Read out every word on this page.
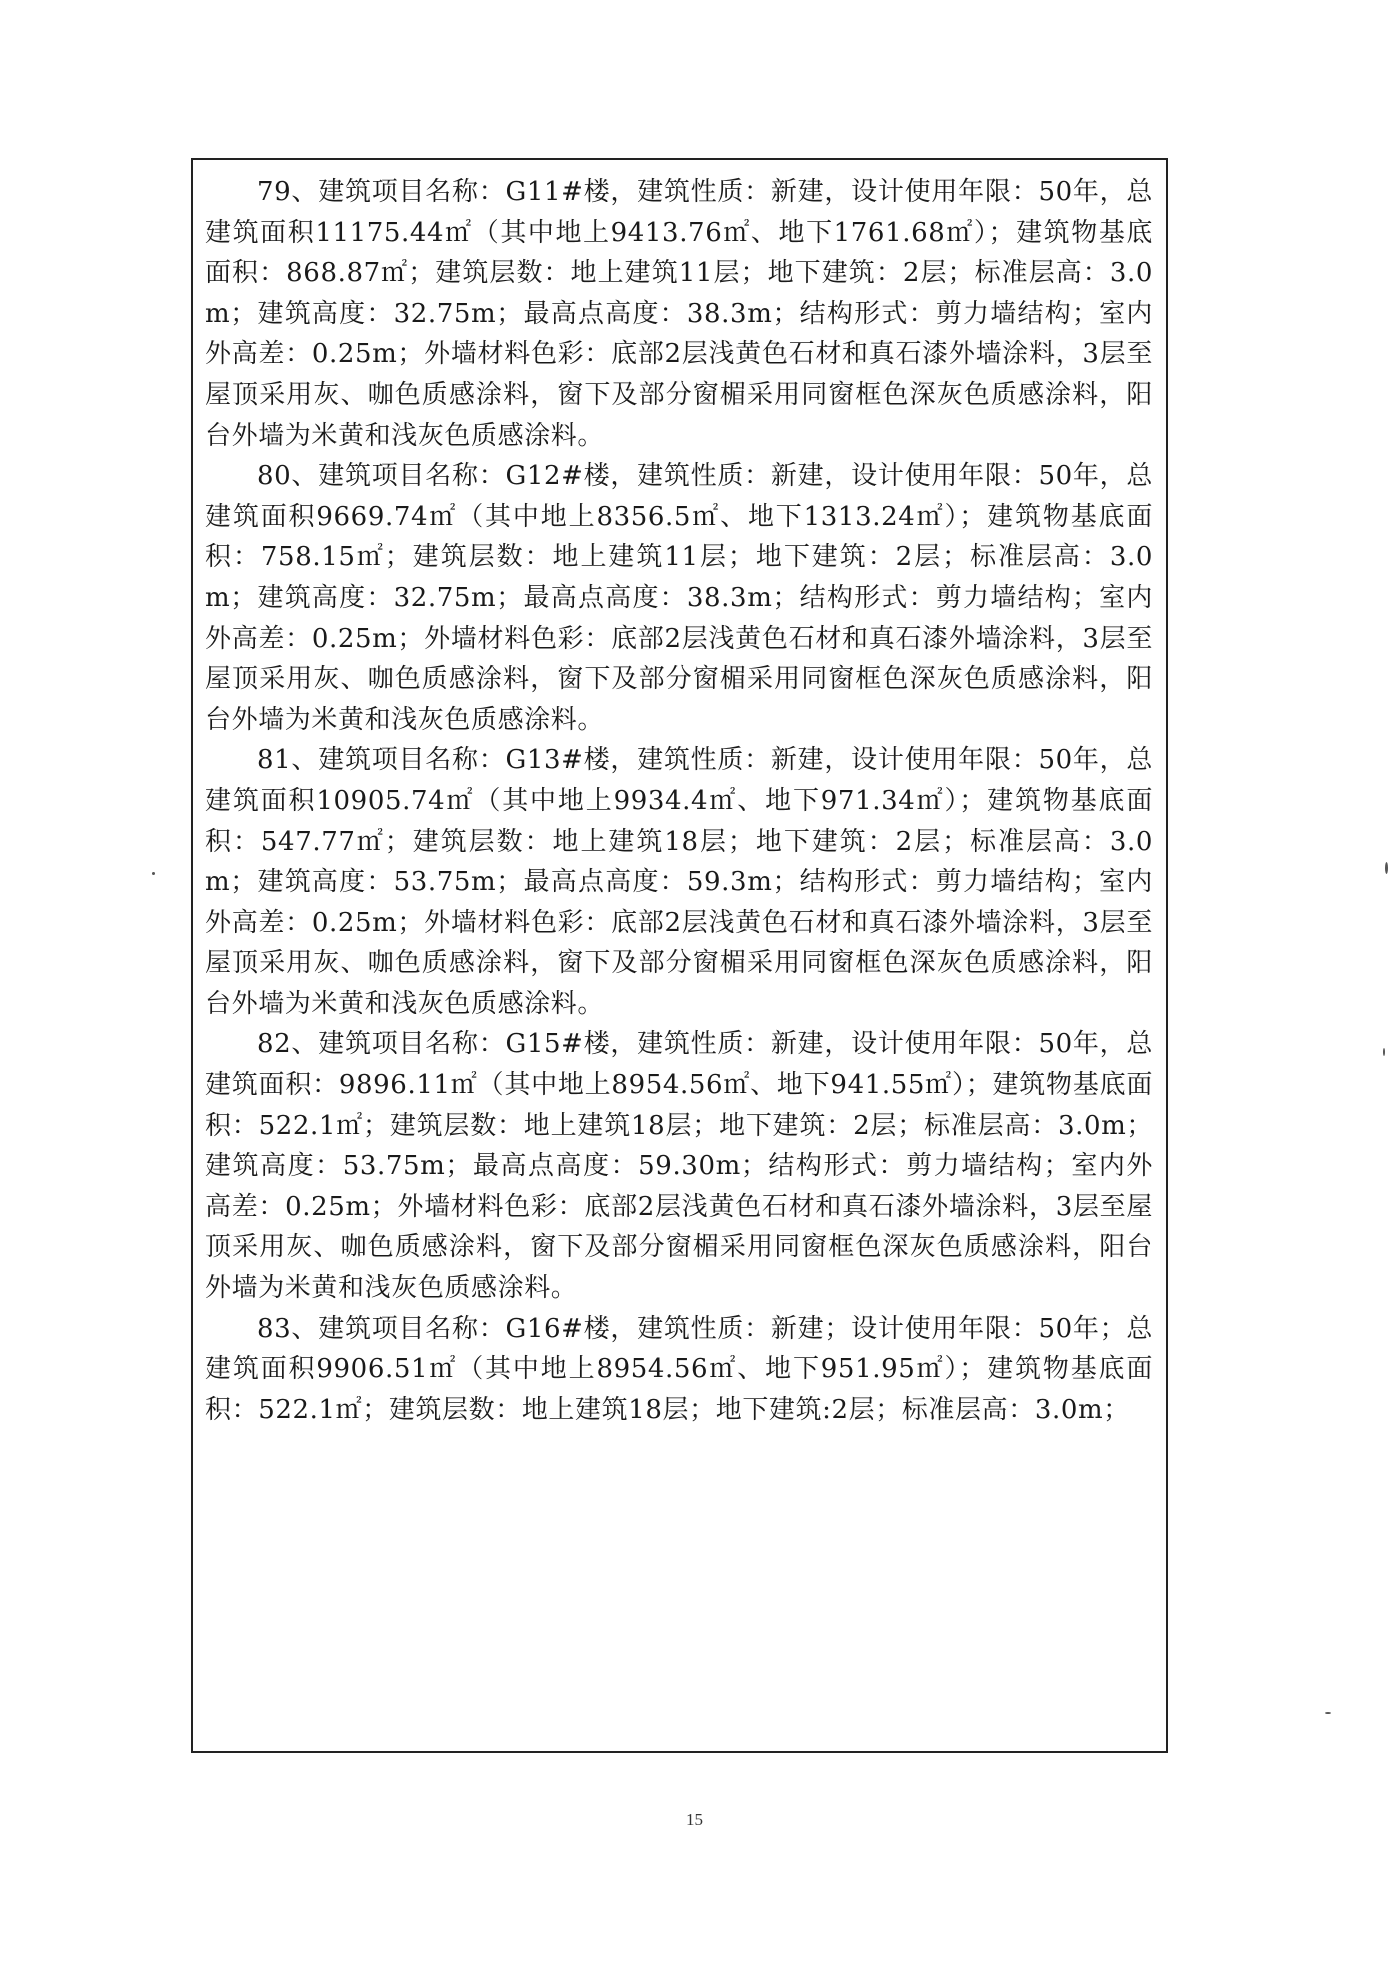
79、建筑项目名称：G11#楼，建筑性质：新建，设计使用年限：50年，总建筑面积11175.44㎡（其中地上9413.76㎡、地下1761.68㎡）；建筑物基底面积：868.87㎡；建筑层数：地上建筑11层；地下建筑：2层；标准层高：3.0m；建筑高度：32.75m；最高点高度：38.3m；结构形式：剪力墙结构；室内外高差：0.25m；外墙材料色彩：底部2层浅黄色石材和真石漆外墙涂料，3层至屋顶采用灰、咖色质感涂料，窗下及部分窗楣采用同窗框色深灰色质感涂料，阳台外墙为米黄和浅灰色质感涂料。

80、建筑项目名称：G12#楼，建筑性质：新建，设计使用年限：50年，总建筑面积9669.74㎡（其中地上8356.5㎡、地下1313.24㎡）；建筑物基底面积：758.15㎡；建筑层数：地上建筑11层；地下建筑：2层；标准层高：3.0m；建筑高度：32.75m；最高点高度：38.3m；结构形式：剪力墙结构；室内外高差：0.25m；外墙材料色彩：底部2层浅黄色石材和真石漆外墙涂料，3层至屋顶采用灰、咖色质感涂料，窗下及部分窗楣采用同窗框色深灰色质感涂料，阳台外墙为米黄和浅灰色质感涂料。

81、建筑项目名称：G13#楼，建筑性质：新建，设计使用年限：50年，总建筑面积10905.74㎡（其中地上9934.4㎡、地下971.34㎡）；建筑物基底面积：547.77㎡；建筑层数：地上建筑18层；地下建筑：2层；标准层高：3.0m；建筑高度：53.75m；最高点高度：59.3m；结构形式：剪力墙结构；室内外高差：0.25m；外墙材料色彩：底部2层浅黄色石材和真石漆外墙涂料，3层至屋顶采用灰、咖色质感涂料，窗下及部分窗楣采用同窗框色深灰色质感涂料，阳台外墙为米黄和浅灰色质感涂料。

82、建筑项目名称：G15#楼，建筑性质：新建，设计使用年限：50年，总建筑面积：9896.11㎡（其中地上8954.56㎡、地下941.55㎡）；建筑物基底面积：522.1㎡；建筑层数：地上建筑18层；地下建筑：2层；标准层高：3.0m；建筑高度：53.75m；最高点高度：59.30m；结构形式：剪力墙结构；室内外高差：0.25m；外墙材料色彩：底部2层浅黄色石材和真石漆外墙涂料，3层至屋顶采用灰、咖色质感涂料，窗下及部分窗楣采用同窗框色深灰色质感涂料，阳台外墙为米黄和浅灰色质感涂料。

83、建筑项目名称：G16#楼，建筑性质：新建；设计使用年限：50年；总建筑面积9906.51㎡（其中地上8954.56㎡、地下951.95㎡）；建筑物基底面积：522.1㎡；建筑层数：地上建筑18层；地下建筑:2层；标准层高：3.0m；

15
